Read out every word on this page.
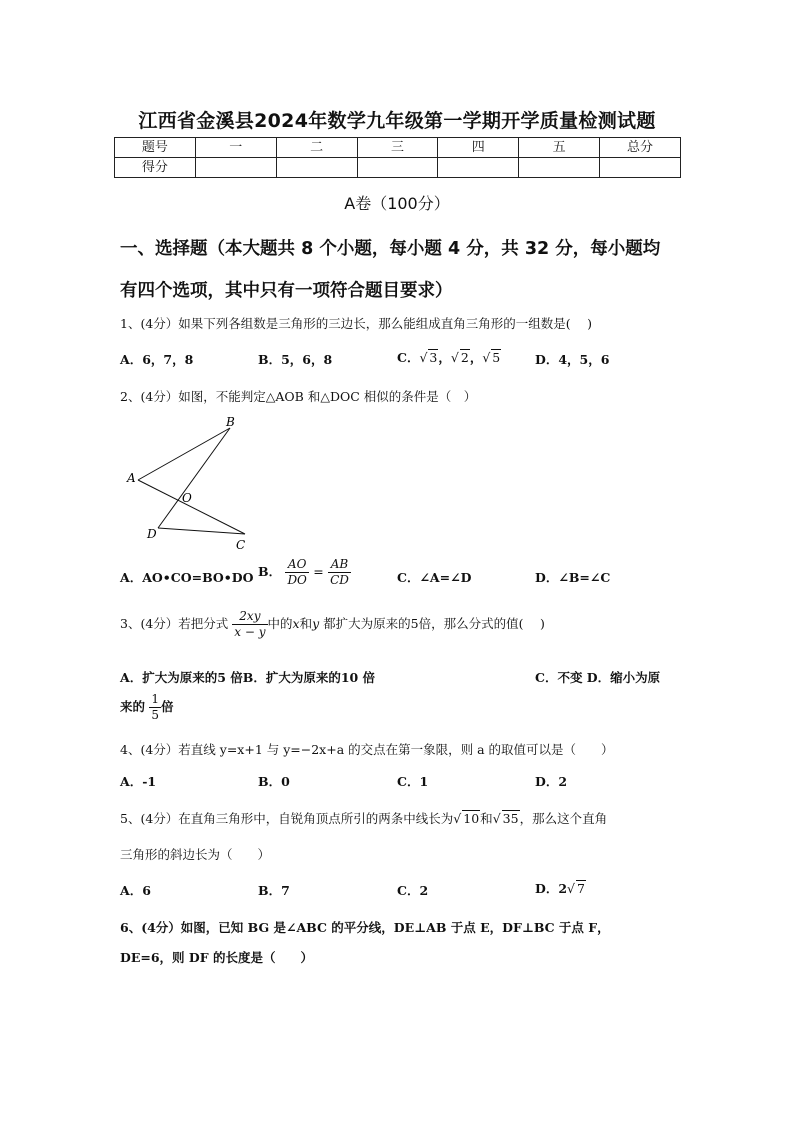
江西省金溪县2024年数学九年级第一学期开学质量检测试题
题号	一	二	三	四	五	总分
得分						
A卷（100分）
一、选择题（本大题共 8 个小题，每小题 4 分，共 32 分，每小题均
有四个选项，其中只有一项符合题目要求）
1、(4分）如果下列各组数是三角形的三边长，那么能组成直角三角形的一组数是(　 )
A．6，7，8	B．5，6，8	C．√ 3，√ 2，√ 5	D．4，5，6
2、(4分）如图，不能判定△AOB 和△DOC 相似的条件是（　）
A
B
O
D
C
A．AO•CO=BO•DO B． $\frac{AO}{DO} = \frac{AB}{CD}$	C．∠A=∠D	D．∠B=∠C
3、(4分）若把分式 $\frac{2xy}{x - y}$ 中的x和y 都扩大为原来的5倍，那么分式的值(　 )
A．扩大为原来的5 倍B．扩大为原来的10 倍	C．不变 D．缩小为原
来的 $\frac{1}{5}$ 倍
4、(4分）若直线 y=x+1 与 y=−2x+a 的交点在第一象限，则 a 的取值可以是（　　）
A．-1	B．0	C．1	D．2
5、(4分）在直角三角形中，自锐角顶点所引的两条中线长为√ 10和√ 35，那么这个直角
三角形的斜边长为（　　）
A．6	B．7	C．2	D．2√ 7
6、(4分）如图，已知 BG 是∠ABC 的平分线，DE⊥AB 于点 E，DF⊥BC 于点 F，
DE=6，则 DF 的长度是（　　）
